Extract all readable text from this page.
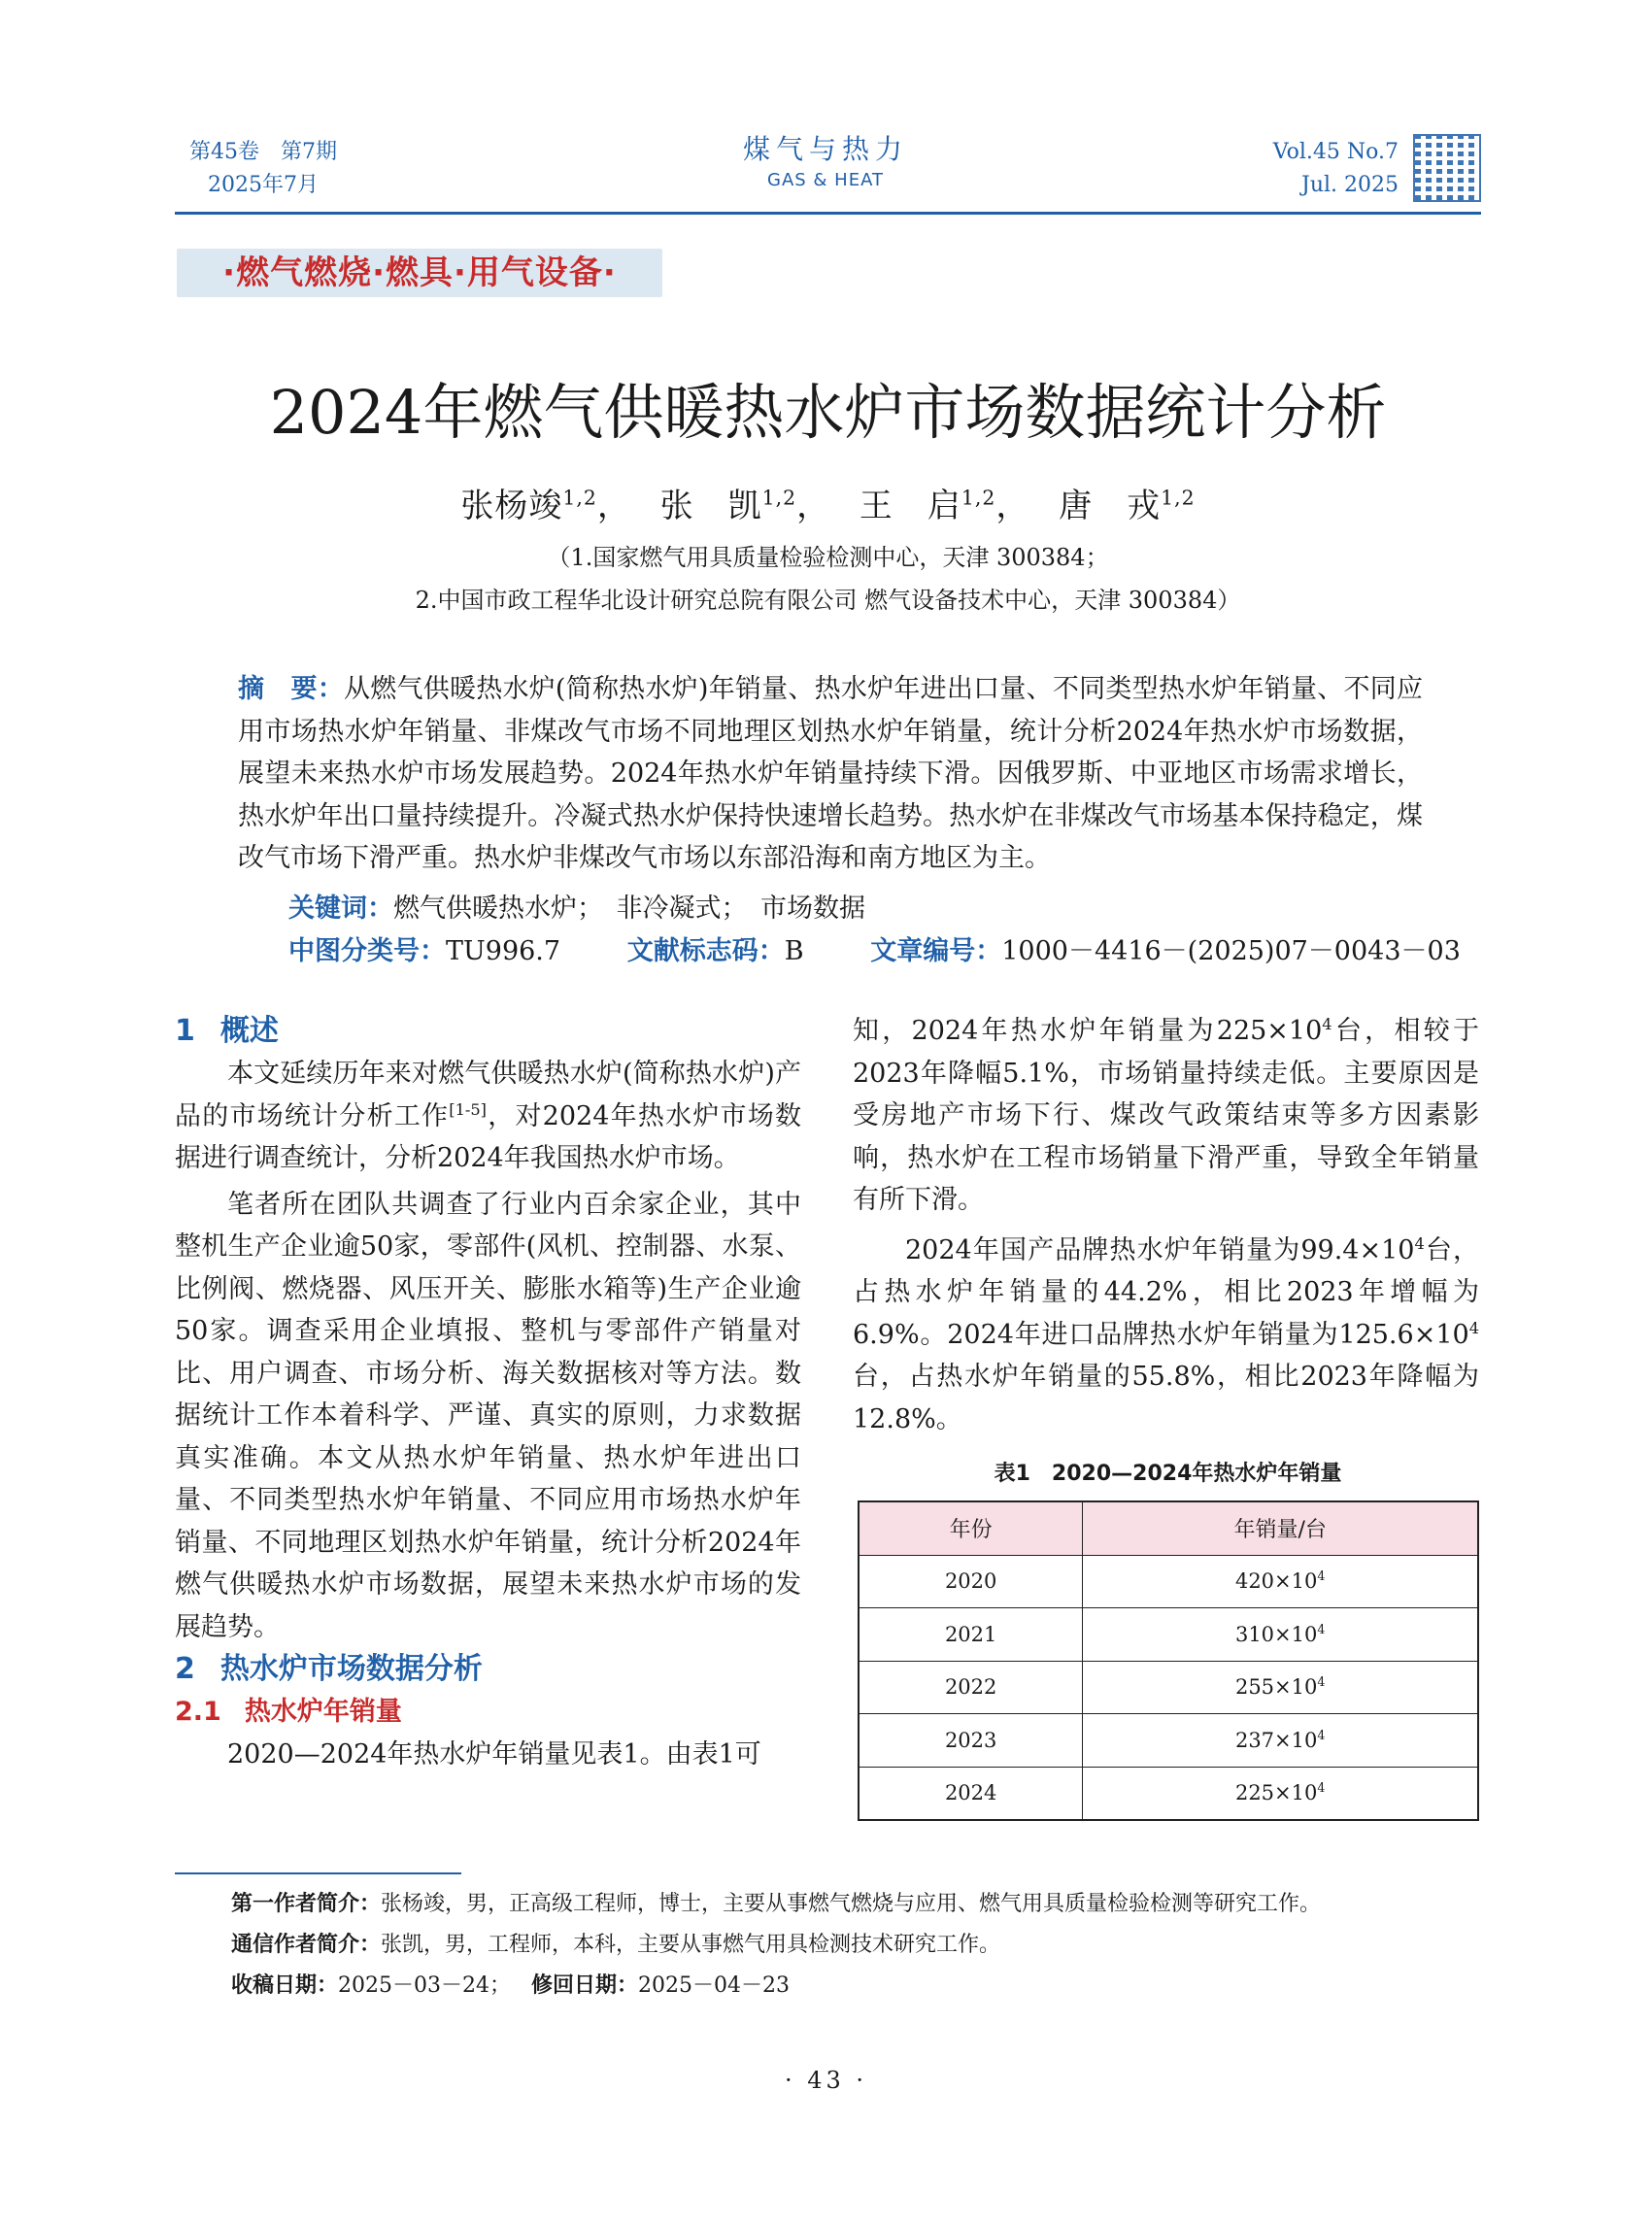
第45卷　第7期
2025年7月
煤气与热力
GAS & HEAT
Vol.45 No.7
Jul. 2025
·燃气燃烧·燃具·用气设备·
2024年燃气供暖热水炉市场数据统计分析
张杨竣$^{1,2}$，　 张　凯$^{1,2}$，　 王　启$^{1,2}$，　 唐　戎$^{1,2}$
（1.国家燃气用具质量检验检测中心，天津 300384；
2.中国市政工程华北设计研究总院有限公司 燃气设备技术中心，天津 300384）
摘　要：从燃气供暖热水炉(简称热水炉)年销量、热水炉年进出口量、不同类型热水炉年销量、不同应用市场热水炉年销量、非煤改气市场不同地理区划热水炉年销量，统计分析2024年热水炉市场数据，展望未来热水炉市场发展趋势。2024年热水炉年销量持续下滑。因俄罗斯、中亚地区市场需求增长，热水炉年出口量持续提升。冷凝式热水炉保持快速增长趋势。热水炉在非煤改气市场基本保持稳定，煤改气市场下滑严重。热水炉非煤改气市场以东部沿海和南方地区为主。
关键词：燃气供暖热水炉；　非冷凝式；　市场数据
中图分类号：TU996.7	文献标志码：B	文章编号：1000－4416－(2025)07－0043－03

1 概述

本文延续历年来对燃气供暖热水炉(简称热水炉)产品的市场统计分析工作[1-5]，对2024年热水炉市场数据进行调查统计，分析2024年我国热水炉市场。

笔者所在团队共调查了行业内百余家企业，其中整机生产企业逾50家，零部件(风机、控制器、水泵、比例阀、燃烧器、风压开关、膨胀水箱等)生产企业逾50家。调查采用企业填报、整机与零部件产销量对比、用户调查、市场分析、海关数据核对等方法。数据统计工作本着科学、严谨、真实的原则，力求数据真实准确。本文从热水炉年销量、热水炉年进出口量、不同类型热水炉年销量、不同应用市场热水炉年销量、不同地理区划热水炉年销量，统计分析2024年燃气供暖热水炉市场数据，展望未来热水炉市场的发展趋势。

2 热水炉市场数据分析

2.1 热水炉年销量

2020—2024年热水炉年销量见表1。由表1可

知，2024年热水炉年销量为$225\times 10^4$台，相较于2023年降幅5.1%，市场销量持续走低。主要原因是受房地产市场下行、煤改气政策结束等多方因素影响，热水炉在工程市场销量下滑严重，导致全年销量有所下滑。

2024年国产品牌热水炉年销量为$99.4\times 10^4$台，占热水炉年销量的44.2%，相比2023年增幅为6.9%。2024年进口品牌热水炉年销量为$125.6\times 10^4$台，占热水炉年销量的55.8%，相比2023年降幅为12.8%。

表1　2020—2024年热水炉年销量
年份	年销量/台
2020	$420\times 10^4$
2021	$310\times 10^4$
2022	$255\times 10^4$
2023	$237\times 10^4$
2024	$225\times 10^4$
第一作者简介：张杨竣，男，正高级工程师，博士，主要从事燃气燃烧与应用、燃气用具质量检验检测等研究工作。
通信作者简介：张凯，男，工程师，本科，主要从事燃气用具检测技术研究工作。
收稿日期：2025－03－24； 修回日期：2025－04－23
· 43 ·
